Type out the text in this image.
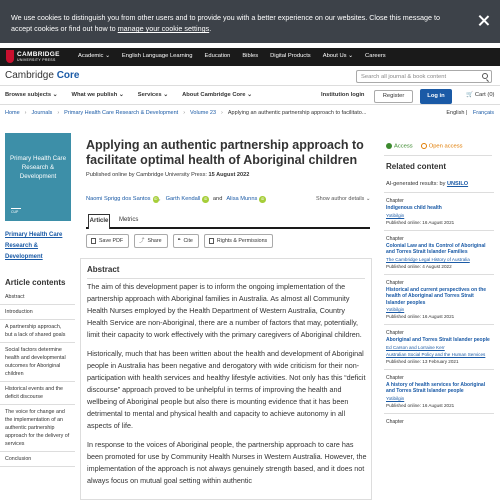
We use cookies to distinguish you from other users and to provide you with a better experience on our websites. Close this message to accept cookies or find out how to manage your cookie settings.
CAMBRIDGE
UNIVERSITY PRESS
Academic ⌄ English Language Learning Education Bibles Digital Products About Us ⌄ Careers
Cambridge Core	Search all journal & book content
Browse subjects ⌄ What we publish ⌄ Services ⌄ About Cambridge Core ⌄	Institution login	Register	Log in	🛒 Cart (0)
Home › Journals › Primary Health Care Research & Development › Volume 23 › Applying an authentic partnership approach to facilitato...	English | Français
Primary Health Care Research & Development
CUP
Primary Health Care Research & Development
Article contents
Abstract
Introduction
A partnership approach, but a lack of shared goals
Social factors determine health and developmental outcomes for Aboriginal children
Historical events and the deficit discourse
The voice for change and the implementation of an authentic partnership approach for the delivery of services
Conclusion
Applying an authentic partnership approach to facilitate optimal health of Aboriginal children
Published online by Cambridge University Press: 15 August 2022
Naomi Sprigg dos Santos	iD , Garth Kendall	iD and Alisa Munns	iD	Show author details ⌄
Article Metrics
Save PDF	⤴ Share	❝ Cite	Rights & Permissions
Abstract

The aim of this development paper is to inform the ongoing implementation of the partnership approach with Aboriginal families in Australia. As almost all Community Health Nurses employed by the Health Department of Western Australia, Country Health Service are non-Aboriginal, there are a number of factors that may, potentially, limit their capacity to work effectively with the primary caregivers of Aboriginal children.

Historically, much that has been written about the health and development of Aboriginal people in Australia has been negative and derogatory with wide criticism for their non-participation with health services and healthy lifestyle activities. Not only has this “deficit discourse” approach proved to be unhelpful in terms of improving the health and wellbeing of Aboriginal people but also there is mounting evidence that it has been detrimental to mental and physical health and capacity to achieve autonomy in all aspects of life.

In response to the voices of Aboriginal people, the partnership approach to care has been promoted for use by Community Health Nurses in Western Australia. However, the implementation of the approach is not always genuinely strength based, and it does not always focus on mutual goal setting within authentic

Access	Open access
Related content
AI-generated results: by UNSILO
Chapter
Indigenous child health
Yotibilgin
Published online: 16 August 2021
Chapter
Colonial Law and its Control of Aboriginal and Torres Strait Islander Families
The Cambridge Legal History of Australia
Published online: 4 August 2022
Chapter
Historical and current perspectives on the health of Aboriginal and Torres Strait Islander peoples
Yotibilgin
Published online: 16 August 2021
Chapter
Aboriginal and Torres Strait Islander people
Ed Carson and Lorraine Kerr
Australian Social Policy and the Human Services
Published online: 13 February 2021
Chapter
A history of health services for Aboriginal and Torres Strait Islander people
Yotibilgin
Published online: 16 August 2021
Chapter
